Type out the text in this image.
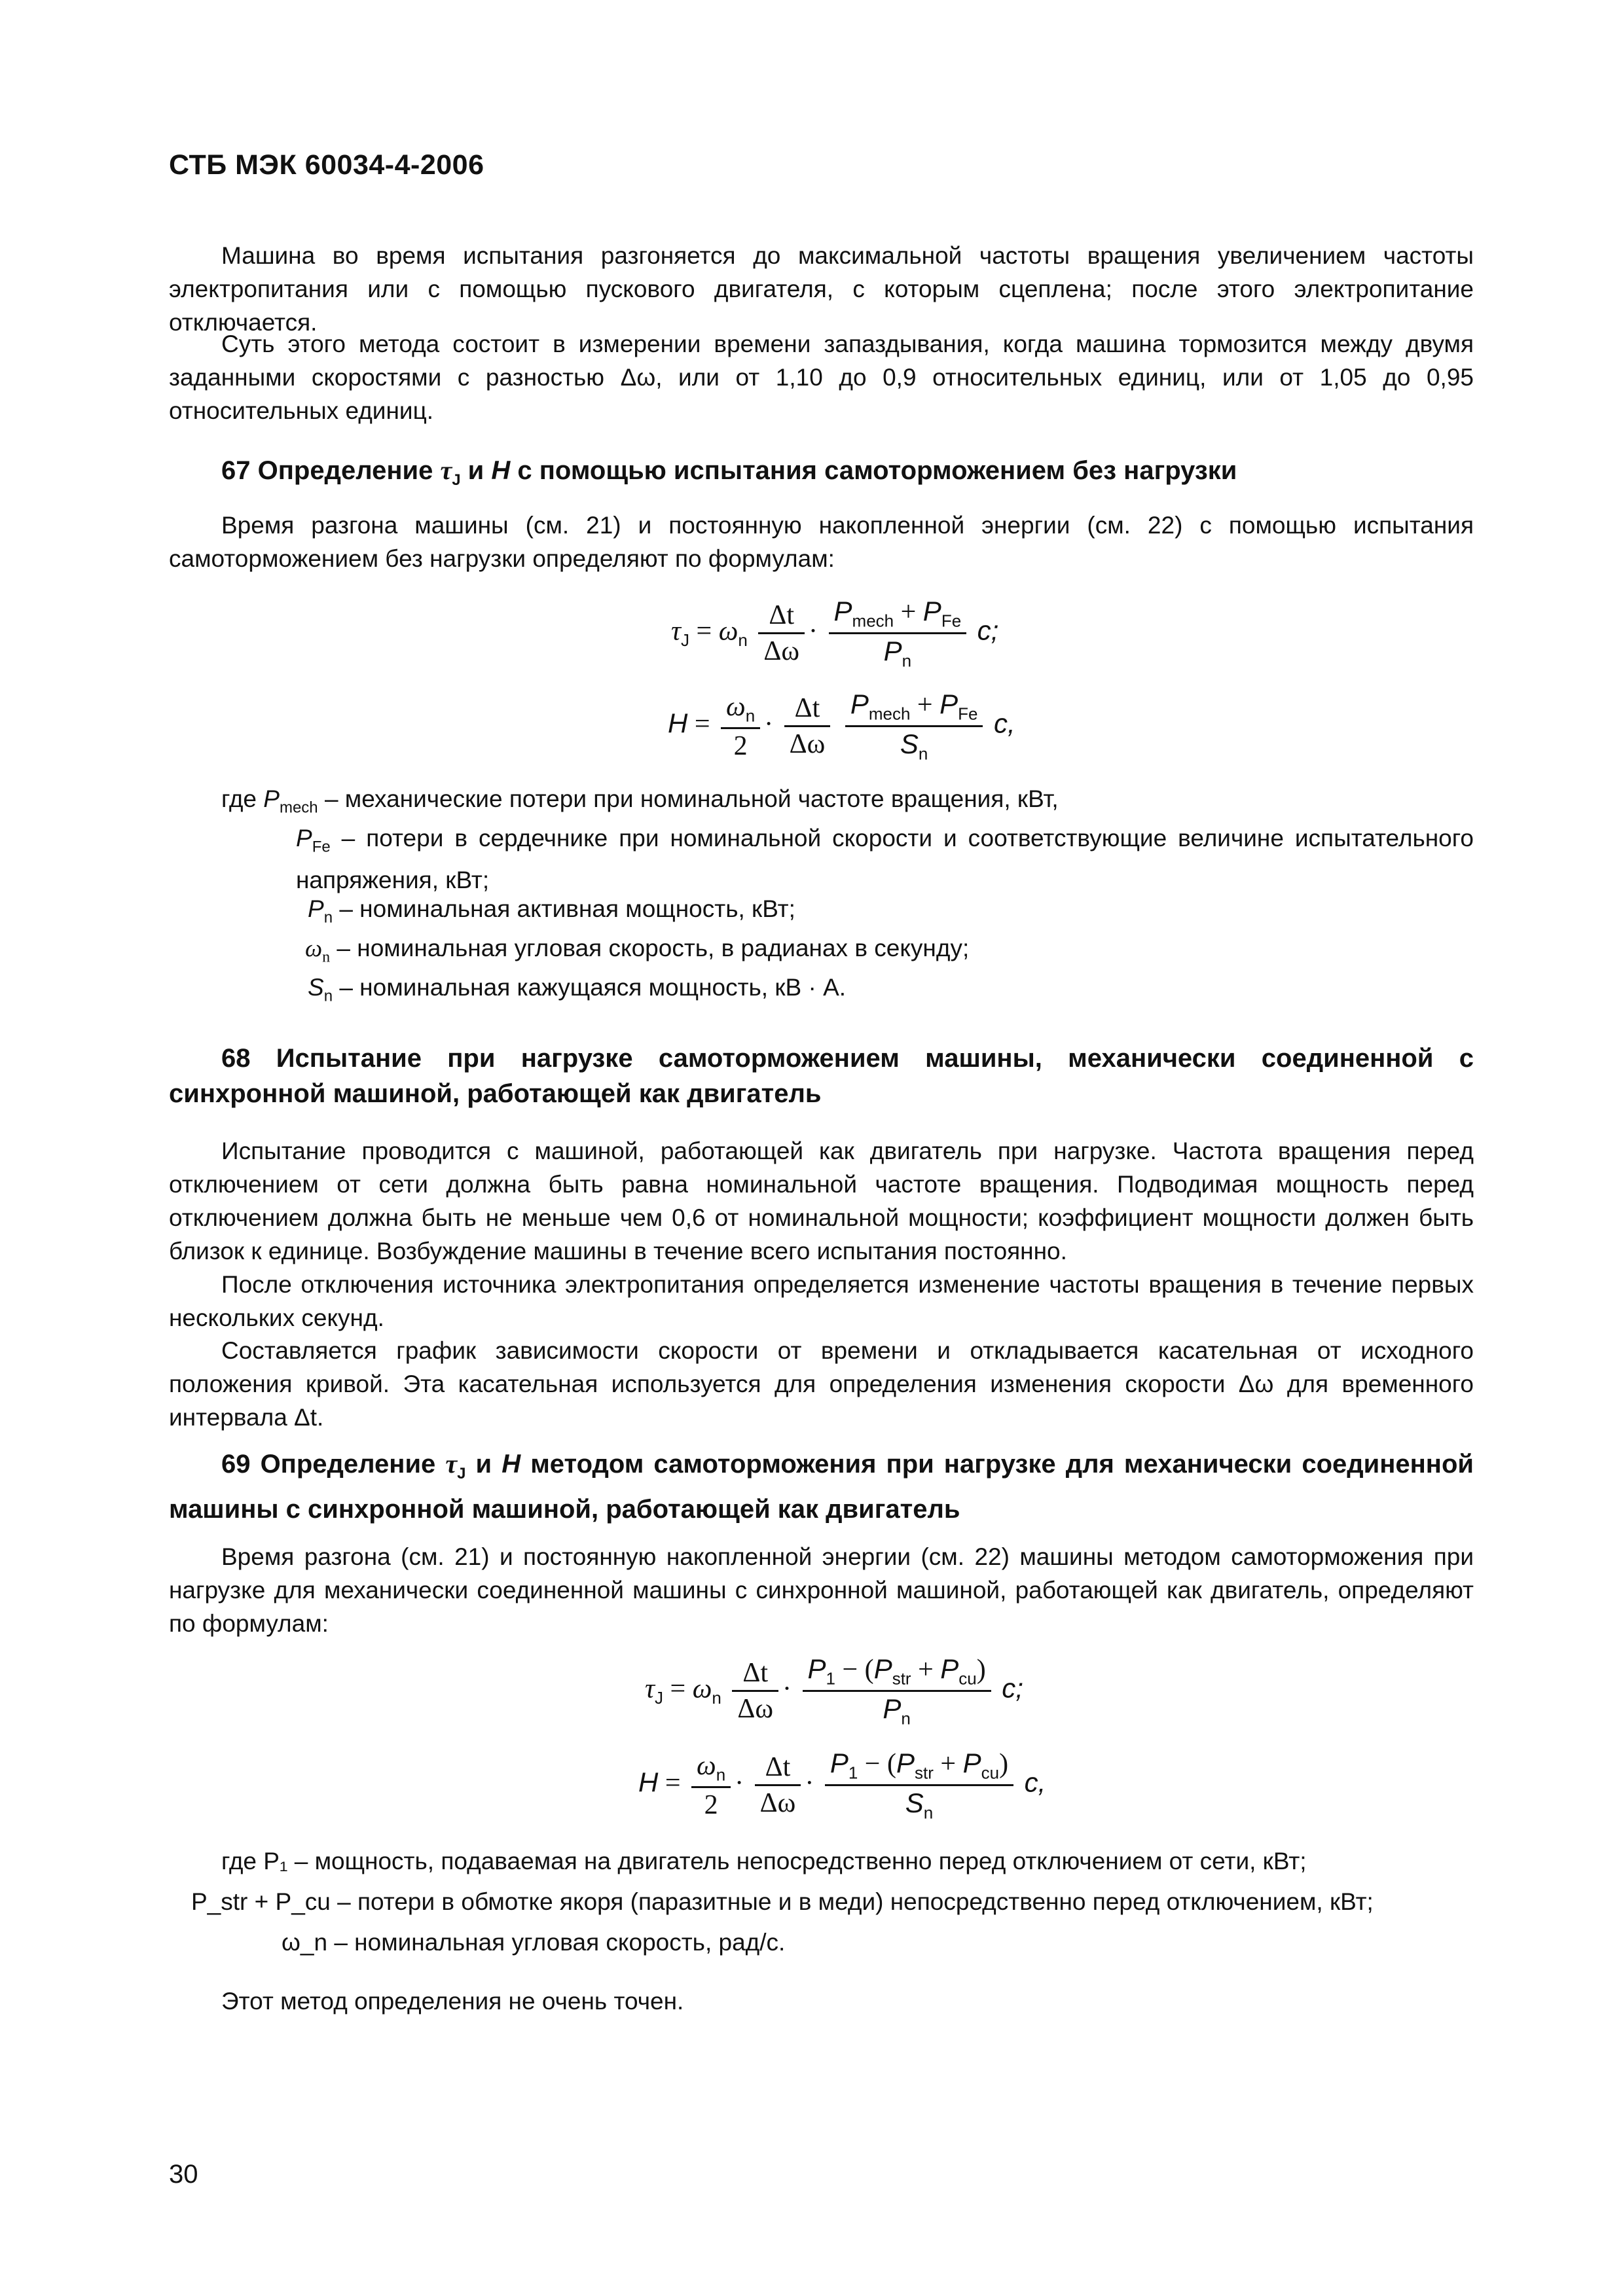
СТБ МЭК 60034-4-2006
Машина во время испытания разгоняется до максимальной частоты вращения увеличением частоты электропитания или с помощью пускового двигателя, с которым сцеплена; после этого электропитание отключается.
Суть этого метода состоит в измерении времени запаздывания, когда машина тормозится между двумя заданными скоростями с разностью Δω, или от 1,10 до 0,9 относительных единиц, или от 1,05 до 0,95 относительных единиц.
67 Определение $\tau_J$ и H с помощью испытания самоторможением без нагрузки
Время разгона машины (см. 21) и постоянную накопленной энергии (см. 22) с помощью испытания самоторможением без нагрузки определяют по формулам:
$\tau_J = \omega_n \frac{\Delta t}{\Delta\omega} \cdot \frac{P_{mech} + P_{Fe}}{P_n} c$;
$H = \frac{\omega_n}{2} \cdot \frac{\Delta t}{\Delta\omega}$
$\frac{P_{mech} + P_{Fe}}{S_n} c$,
где $P_{mech}$ – механические потери при номинальной частоте вращения, кВт,
$P_{Fe}$ – потери в сердечнике при номинальной скорости и соответствующие величине испытательного напряжения, кВт;
$P_n$ – номинальная активная мощность, кВт;
$\omega_n$ – номинальная угловая скорость, в радианах в секунду;
$S_n$ – номинальная кажущаяся мощность, кВ · А.
68 Испытание при нагрузке самоторможением машины, механически соединенной с синхронной машиной, работающей как двигатель
Испытание проводится с машиной, работающей как двигатель при нагрузке. Частота вращения перед отключением от сети должна быть равна номинальной частоте вращения. Подводимая мощность перед отключением должна быть не меньше чем 0,6 от номинальной мощности; коэффициент мощности должен быть близок к единице. Возбуждение машины в течение всего испытания постоянно.
После отключения источника электропитания определяется изменение частоты вращения в течение первых нескольких секунд.
Составляется график зависимости скорости от времени и откладывается касательная от исходного положения кривой. Эта касательная используется для определения изменения скорости Δω для временного интервала Δt.
69 Определение $\tau_J$ и H методом самоторможения при нагрузке для механически соединенной машины с синхронной машиной, работающей как двигатель
Время разгона (см. 21) и постоянную накопленной энергии (см. 22) машины методом самоторможения при нагрузке для механически соединенной машины с синхронной машиной, работающей как двигатель, определяют по формулам:
$\tau_J = \omega_n \frac{\Delta t}{\Delta\omega} \cdot \frac{P_1 - (P_{str} + P_{cu})}{P_n} c$;
$H = \frac{\omega_n}{2} \cdot \frac{\Delta t}{\Delta\omega} \cdot \frac{P_1 - (P_{str} + P_{cu})}{S_n} c$,
где P₁ – мощность, подаваемая на двигатель непосредственно перед отключением от сети, кВт;
P_str + P_cu – потери в обмотке якоря (паразитные и в меди) непосредственно перед отключением, кВт;
ω_n – номинальная угловая скорость, рад/с.
Этот метод определения не очень точен.
30
